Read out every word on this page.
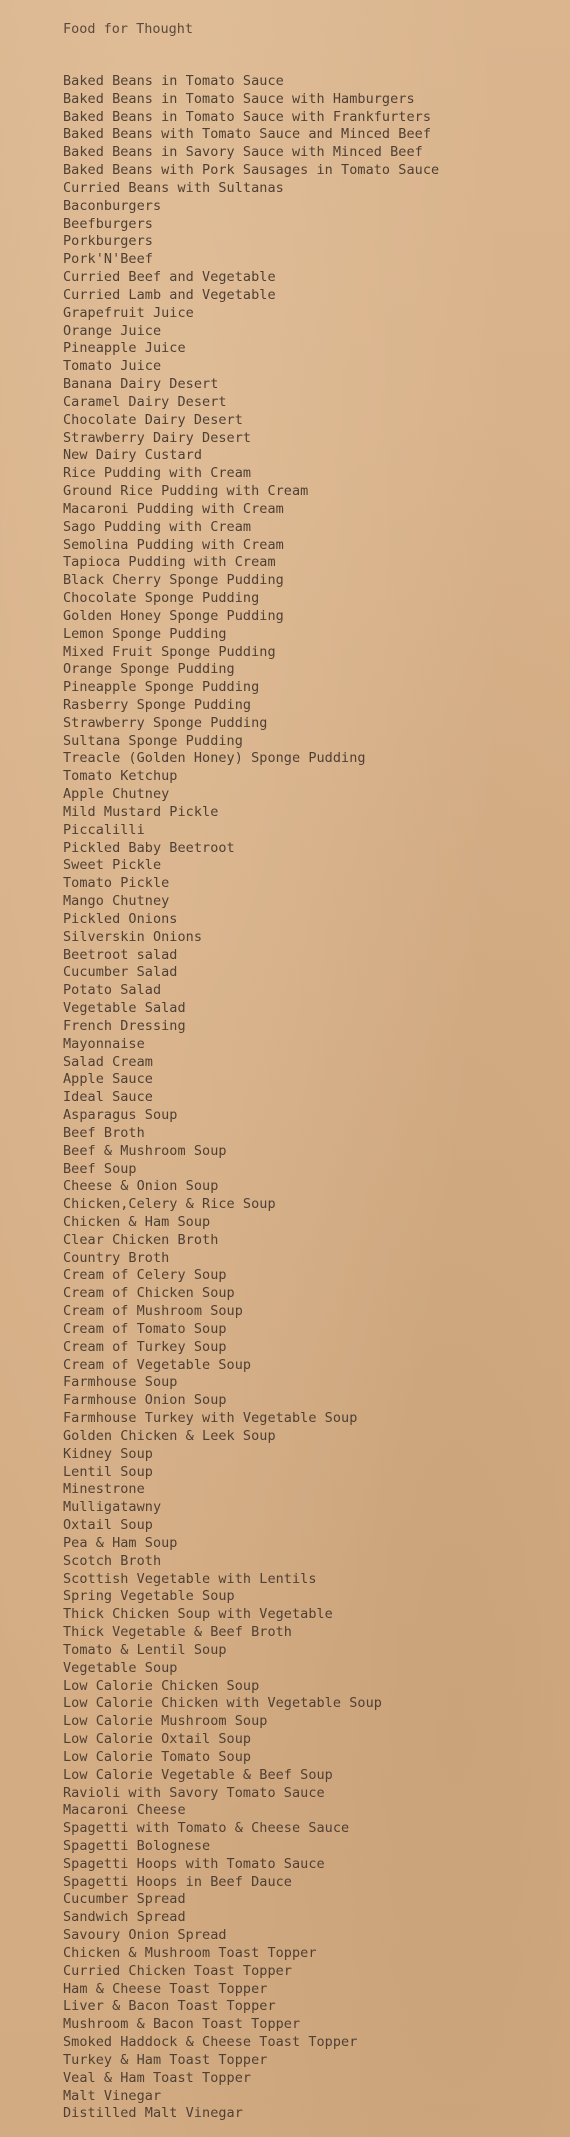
Food for Thought
Baked Beans in Tomato Sauce
Baked Beans in Tomato Sauce with Hamburgers
Baked Beans in Tomato Sauce with Frankfurters
Baked Beans with Tomato Sauce and Minced Beef
Baked Beans in Savory Sauce with Minced Beef
Baked Beans with Pork Sausages in Tomato Sauce
Curried Beans with Sultanas
Baconburgers
Beefburgers
Porkburgers
Pork'N'Beef
Curried Beef and Vegetable
Curried Lamb and Vegetable
Grapefruit Juice
Orange Juice
Pineapple Juice
Tomato Juice
Banana Dairy Desert
Caramel Dairy Desert
Chocolate Dairy Desert
Strawberry Dairy Desert
New Dairy Custard
Rice Pudding with Cream
Ground Rice Pudding with Cream
Macaroni Pudding with Cream
Sago Pudding with Cream
Semolina Pudding with Cream
Tapioca Pudding with Cream
Black Cherry Sponge Pudding
Chocolate Sponge Pudding
Golden Honey Sponge Pudding
Lemon Sponge Pudding
Mixed Fruit Sponge Pudding
Orange Sponge Pudding
Pineapple Sponge Pudding
Rasberry Sponge Pudding
Strawberry Sponge Pudding
Sultana Sponge Pudding
Treacle (Golden Honey) Sponge Pudding
Tomato Ketchup
Apple Chutney
Mild Mustard Pickle
Piccalilli
Pickled Baby Beetroot
Sweet Pickle
Tomato Pickle
Mango Chutney
Pickled Onions
Silverskin Onions
Beetroot salad
Cucumber Salad
Potato Salad
Vegetable Salad
French Dressing
Mayonnaise
Salad Cream
Apple Sauce
Ideal Sauce
Asparagus Soup
Beef Broth
Beef & Mushroom Soup
Beef Soup
Cheese & Onion Soup
Chicken,Celery & Rice Soup
Chicken & Ham Soup
Clear Chicken Broth
Country Broth
Cream of Celery Soup
Cream of Chicken Soup
Cream of Mushroom Soup
Cream of Tomato Soup
Cream of Turkey Soup
Cream of Vegetable Soup
Farmhouse Soup
Farmhouse Onion Soup
Farmhouse Turkey with Vegetable Soup
Golden Chicken & Leek Soup
Kidney Soup
Lentil Soup
Minestrone
Mulligatawny
Oxtail Soup
Pea & Ham Soup
Scotch Broth
Scottish Vegetable with Lentils
Spring Vegetable Soup
Thick Chicken Soup with Vegetable
Thick Vegetable & Beef Broth
Tomato & Lentil Soup
Vegetable Soup
Low Calorie Chicken Soup
Low Calorie Chicken with Vegetable Soup
Low Calorie Mushroom Soup
Low Calorie Oxtail Soup
Low Calorie Tomato Soup
Low Calorie Vegetable & Beef Soup
Ravioli with Savory Tomato Sauce
Macaroni Cheese
Spagetti with Tomato & Cheese Sauce
Spagetti Bolognese
Spagetti Hoops with Tomato Sauce
Spagetti Hoops in Beef Dauce
Cucumber Spread
Sandwich Spread
Savoury Onion Spread
Chicken & Mushroom Toast Topper
Curried Chicken Toast Topper
Ham & Cheese Toast Topper
Liver & Bacon Toast Topper
Mushroom & Bacon Toast Topper
Smoked Haddock & Cheese Toast Topper
Turkey & Ham Toast Topper
Veal & Ham Toast Topper
Malt Vinegar
Distilled Malt Vinegar
